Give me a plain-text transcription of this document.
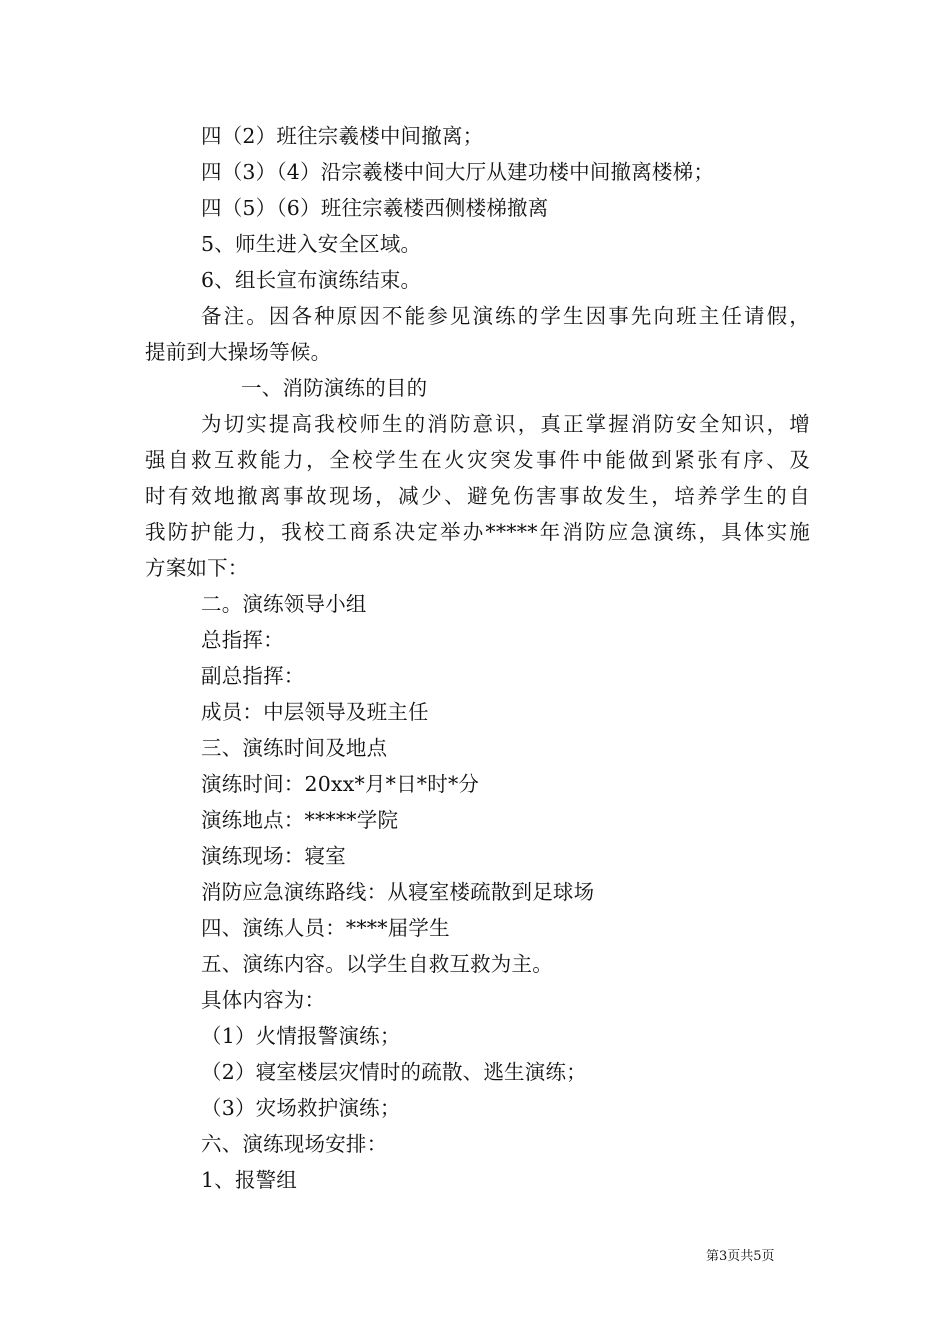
四（2）班往宗羲楼中间撤离；
四（3）（4）沿宗羲楼中间大厅从建功楼中间撤离楼梯；
四（5）（6）班往宗羲楼西侧楼梯撤离
5、师生进入安全区域。
6、组长宣布演练结束。
备注。因各种原因不能参见演练的学生因事先向班主任请假，
提前到大操场等候。
一、消防演练的目的
为切实提高我校师生的消防意识，真正掌握消防安全知识，增
强自救互救能力，全校学生在火灾突发事件中能做到紧张有序、及
时有效地撤离事故现场，减少、避免伤害事故发生，培养学生的自
我防护能力，我校工商系决定举办*****年消防应急演练，具体实施
方案如下：
二。演练领导小组
总指挥：
副总指挥：
成员：中层领导及班主任
三、演练时间及地点
演练时间：20xx*月*日*时*分
演练地点：*****学院
演练现场：寝室
消防应急演练路线：从寝室楼疏散到足球场
四、演练人员：****届学生
五、演练内容。以学生自救互救为主。
具体内容为：
（1）火情报警演练；
（2）寝室楼层灾情时的疏散、逃生演练；
（3）灾场救护演练；
六、演练现场安排：
1、报警组
第3页共5页
